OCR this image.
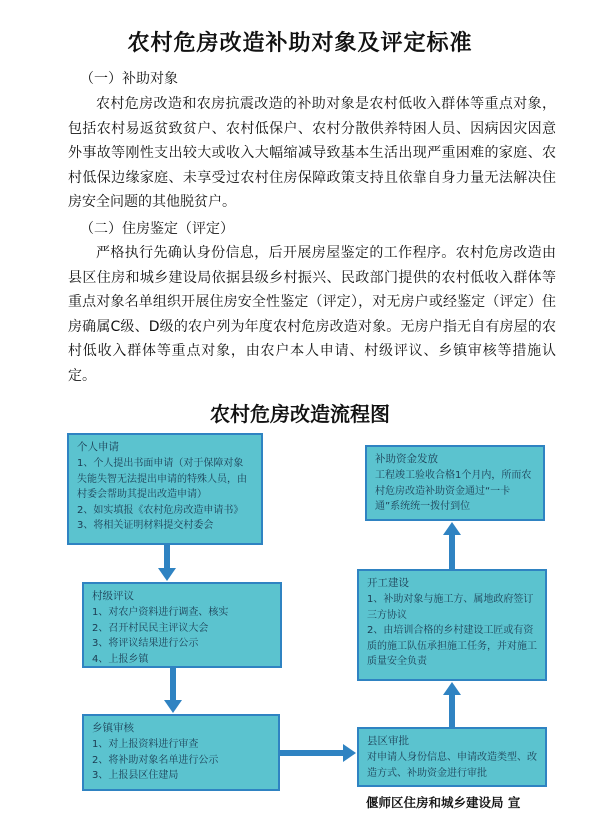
农村危房改造补助对象及评定标准
（一）补助对象

农村危房改造和农房抗震改造的补助对象是农村低收入群体等重点对象，包括农村易返贫致贫户、农村低保户、农村分散供养特困人员、因病因灾因意外事故等刚性支出较大或收入大幅缩减导致基本生活出现严重困难的家庭、农村低保边缘家庭、未享受过农村住房保障政策支持且依靠自身力量无法解决住房安全问题的其他脱贫户。

（二）住房鉴定（评定）

严格执行先确认身份信息，后开展房屋鉴定的工作程序。农村危房改造由县区住房和城乡建设局依据县级乡村振兴、民政部门提供的农村低收入群体等重点对象名单组织开展住房安全性鉴定（评定），对无房户或经鉴定（评定）住房确属C级、D级的农户列为年度农村危房改造对象。无房户指无自有房屋的农村低收入群体等重点对象，由农户本人申请、村级评议、乡镇审核等措施认定。

农村危房改造流程图
个人申请
1、个人提出书面申请（对于保障对象失能失智无法提出申请的特殊人员，由村委会帮助其提出改造申请）
2、如实填报《农村危房改造申请书》
3、将相关证明材料提交村委会
村级评议
1、对农户资料进行调查、核实
2、召开村民民主评议大会
3、将评议结果进行公示
4、上报乡镇
乡镇审核
1、对上报资料进行审查
2、将补助对象名单进行公示
3、上报县区住建局
县区审批
对申请人身份信息、申请改造类型、改造方式、补助资金进行审批
开工建设
1、补助对象与施工方、属地政府签订三方协议
2、由培训合格的乡村建设工匠或有资质的施工队伍承担施工任务，并对施工质量安全负责
补助资金发放
工程竣工验收合格1个月内，所而农村危房改造补助资金通过“一卡通”系统统一拨付到位
偃师区住房和城乡建设局 宣
